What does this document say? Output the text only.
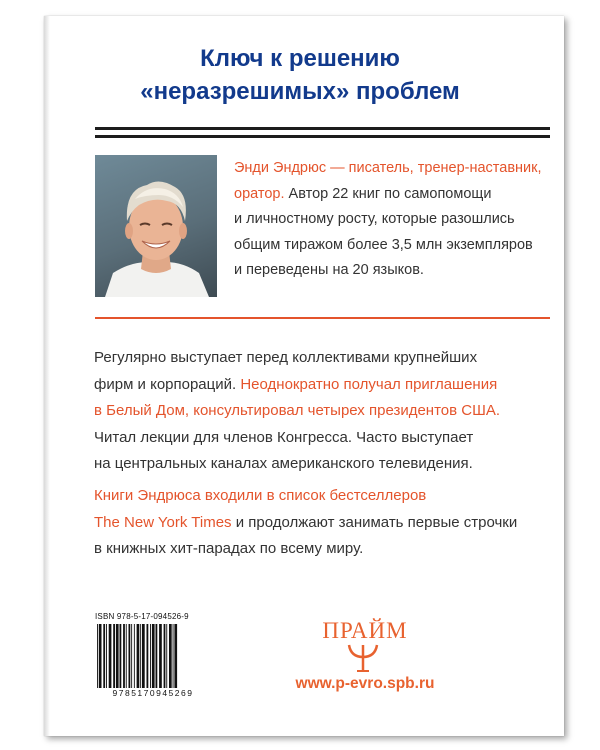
Ключ к решению
«неразрешимых» проблем
Энди Эндрюс — писатель, тренер-наставник,
оратор. Автор 22 книг по самопомощи
и личностному росту, которые разошлись
общим тиражом более 3,5 млн экземпляров
и переведены на 20 языков.
Регулярно выступает перед коллективами крупнейших
фирм и корпораций. Неоднократно получал приглашения
в Белый Дом, консультировал четырех президентов США.
Читал лекции для членов Конгресса. Часто выступает
на центральных каналах американского телевидения.
Книги Эндрюса входили в список бестселлеров
The New York Times и продолжают занимать первые строчки
в книжных хит-парадах по всему миру.
ISBN 978-5-17-094526-9
9785170945269
ПРАЙМ
www.p-evro.spb.ru
